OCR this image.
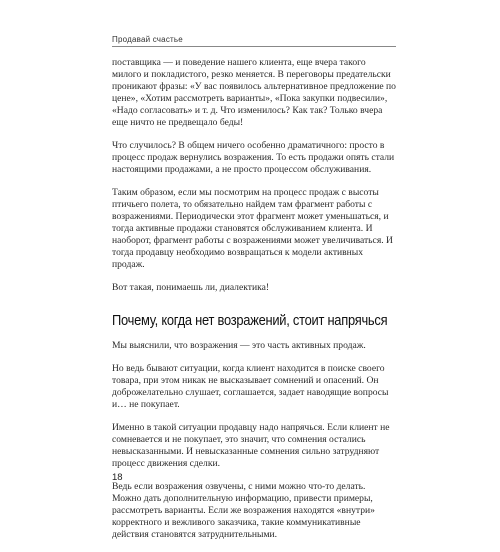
Продавай счастье

поставщика — и поведение нашего клиента, еще вчера такого милого и покладистого, резко меняется. В переговоры предательски проникают фразы: «У вас появилось альтернативное предложение по цене», «Хотим рассмотреть варианты», «Пока закупки подвесили», «Надо согласовать» и т. д. Что изменилось? Как так? Только вчера еще ничто не предвещало беды!

Что случилось? В общем ничего особенно драматичного: просто в процесс продаж вернулись возражения. То есть продажи опять стали настоящими продажами, а не просто процессом обслуживания.

Таким образом, если мы посмотрим на процесс продаж с высоты птичьего полета, то обязательно найдем там фрагмент работы с возражениями. Периодически этот фрагмент может уменьшаться, и тогда активные продажи становятся обслуживанием клиента. И наоборот, фрагмент работы с возражениями может увеличиваться. И тогда продавцу необходимо возвращаться к модели активных продаж.

Вот такая, понимаешь ли, диалектика!

Почему, когда нет возражений, стоит напрячься

Мы выяснили, что возражения — это часть активных продаж.

Но ведь бывают ситуации, когда клиент находится в поиске своего товара, при этом никак не высказывает сомнений и опасений. Он доброжелательно слушает, соглашается, задает наводящие вопросы и… не покупает.

Именно в такой ситуации продавцу надо напрячься. Если клиент не сомневается и не покупает, это значит, что сомнения остались невысказанными. И невысказанные сомнения сильно затрудняют процесс движения сделки.

Ведь если возражения озвучены, с ними можно что-то делать. Можно дать дополнительную информацию, привести примеры, рассмотреть варианты. Если же возражения находятся «внутри» корректного и вежливого заказчика, такие коммуникативные действия становятся затруднительными.

18
